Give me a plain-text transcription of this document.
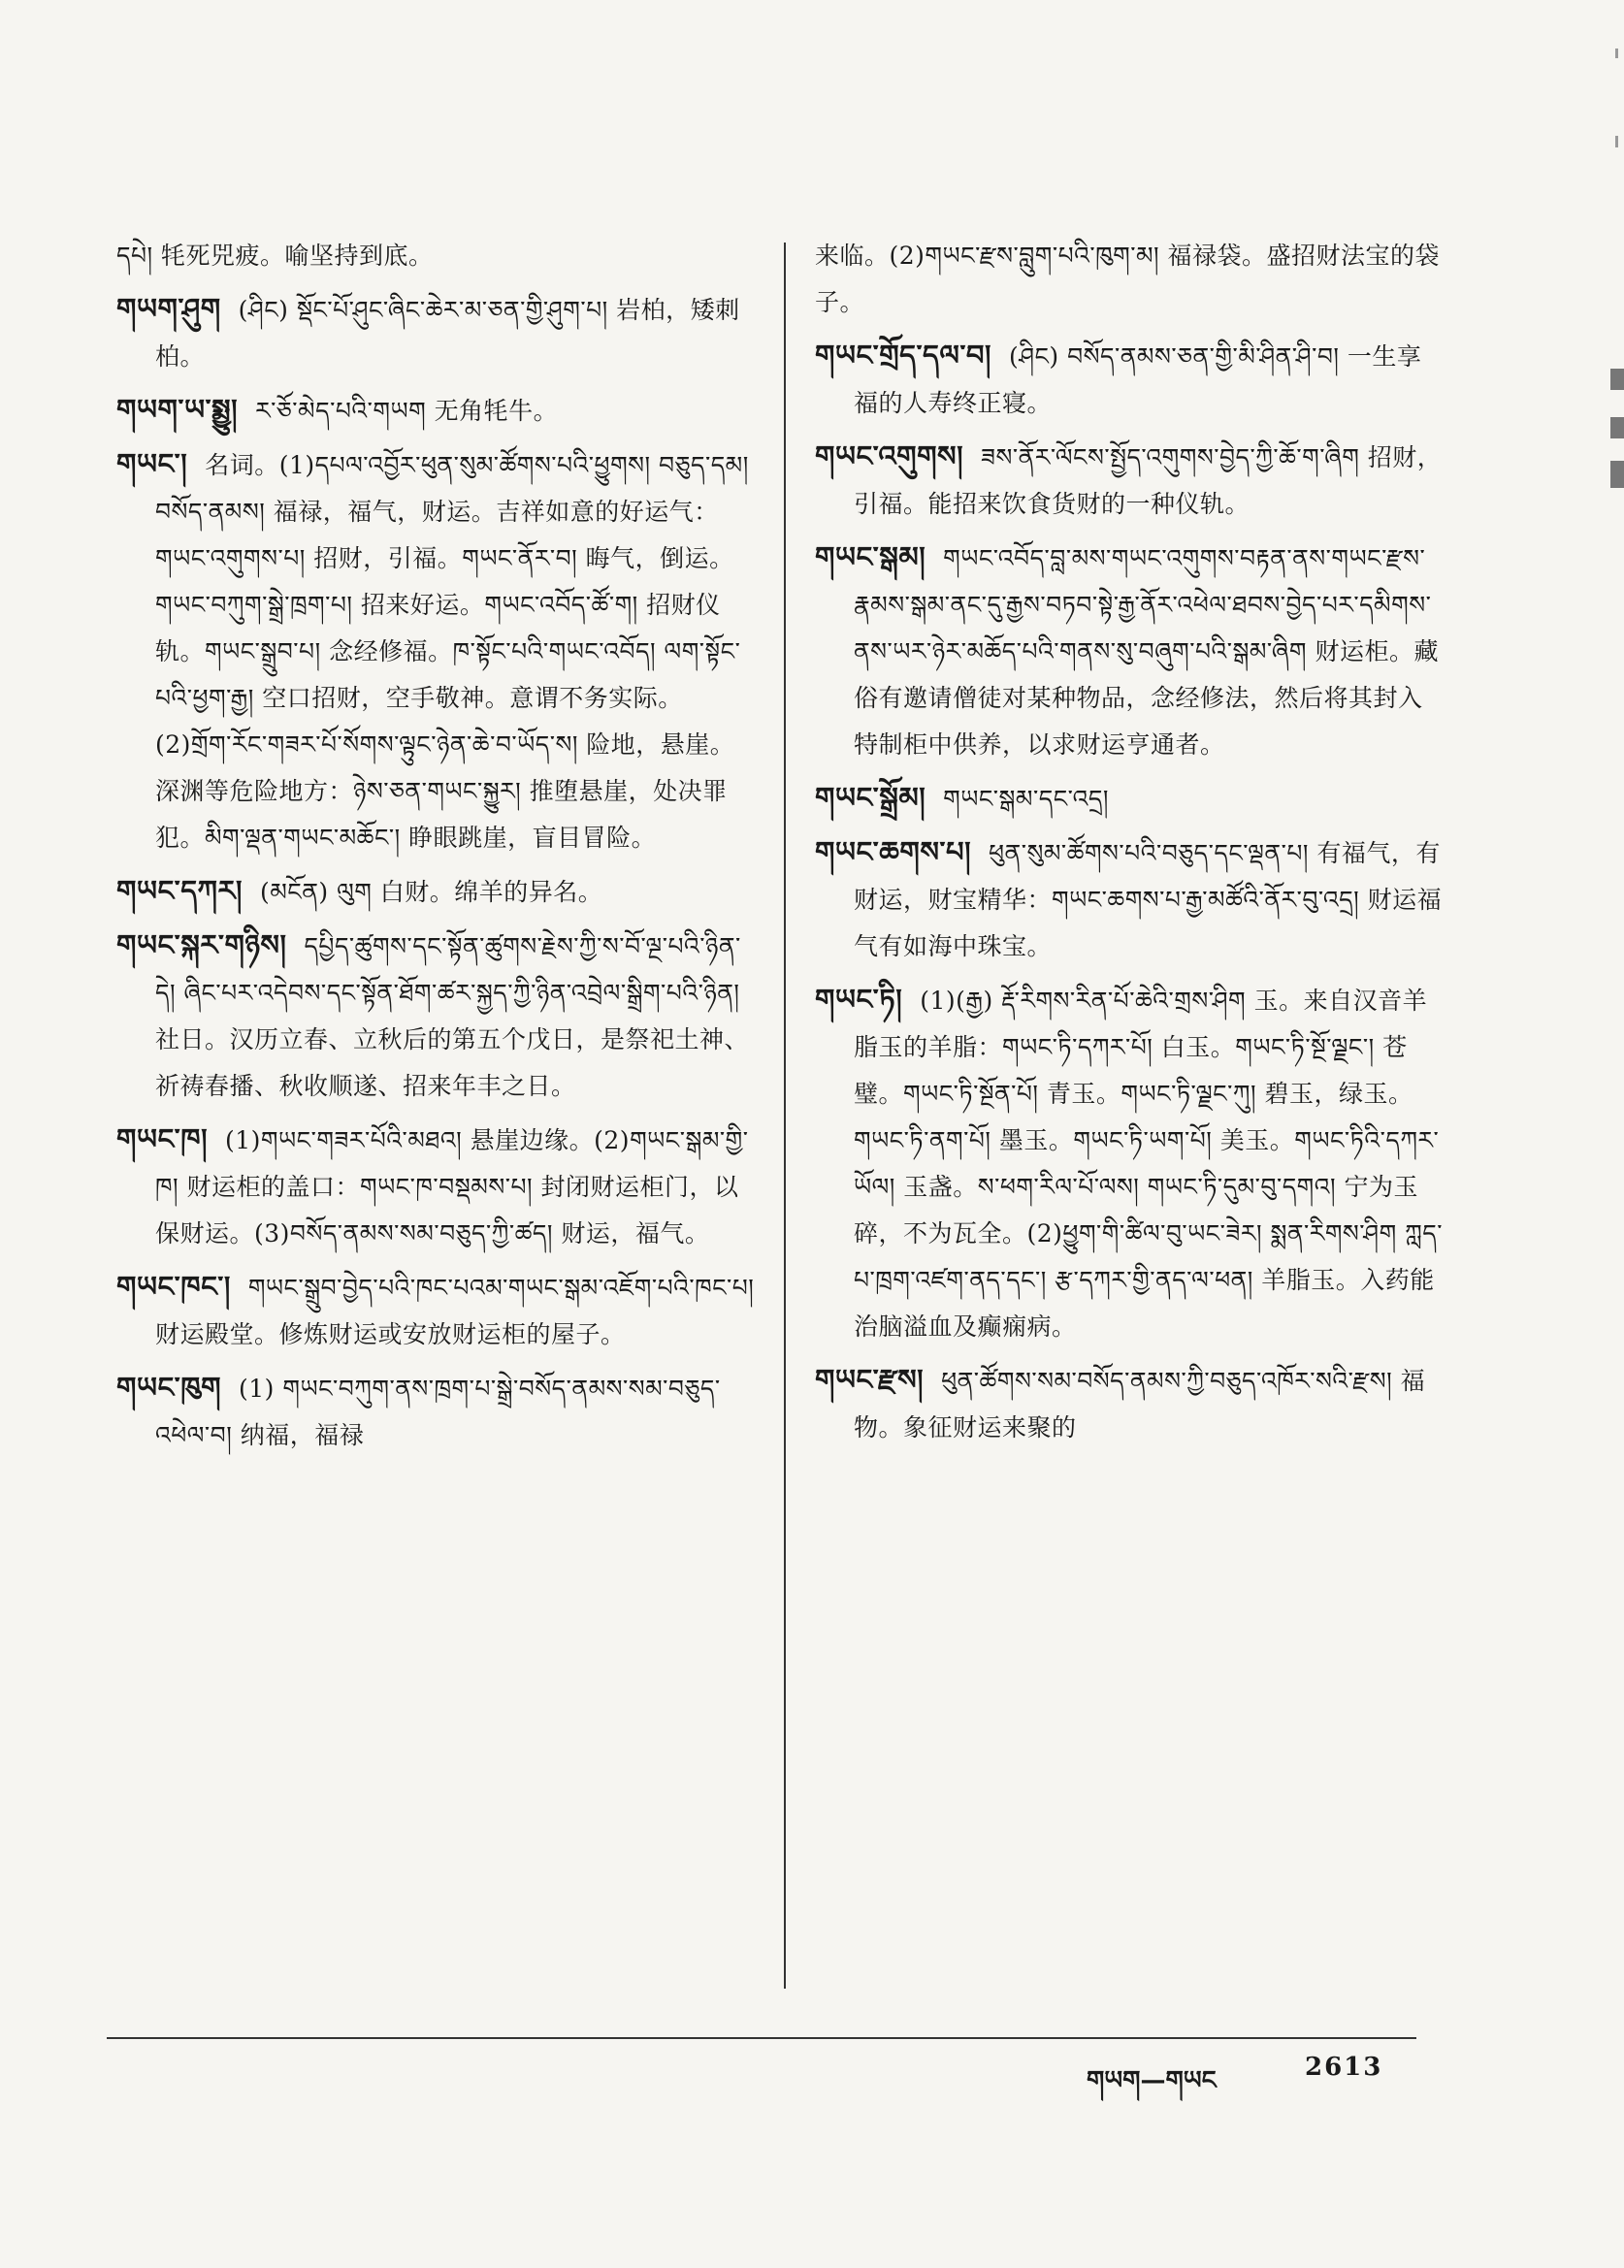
དཔེ། 牦死兕疲。喻坚持到底。

གཡག་ཤུག (ཤིང) སྡོང་པོ་ཤུང་ཞིང་ཆེར་མ་ཅན་གྱི་ཤུག་པ། 岩柏，矮刺柏。

གཡག་ཡ་སྨྱུ། ར་ཅོ་མེད་པའི་གཡག 无角牦牛。

གཡང་། 名词。(1)དཔལ་འབྱོར་ཕུན་སུམ་ཚོགས་པའི་ཕྱུགས། བཅུད་དམ། བསོད་ནམས། 福禄，福气，财运。吉祥如意的好运气：གཡང་འགུགས་པ། 招财，引福。གཡང་ནོར་བ། 晦气，倒运。གཡང་བཀུག་སྒྲེ་ཁྲག་པ། 招来好运。གཡང་འབོད་ཚོ་ག། 招财仪轨。གཡང་སྒྲུབ་པ། 念经修福。ཁ་སྟོང་པའི་གཡང་འབོད། ལག་སྟོང་པའི་ཕྱག་རྒྱ། 空口招财，空手敬神。意谓不务实际。(2)གྲོག་རོང་གཟར་པོ་སོགས་ལྟུང་ཉེན་ཆེ་བ་ཡོད་ས། 险地，悬崖。深渊等危险地方：ཉེས་ཅན་གཡང་སྐྱུར། 推堕悬崖，处决罪犯。མིག་ལྡན་གཡང་མཆོང་། 睁眼跳崖，盲目冒险。

གཡང་དཀར། (མངོན) ལུག 白财。绵羊的异名。

གཡང་སྐར་གཉིས། དཔྱིད་ཚུགས་དང་སྟོན་ཚུགས་རྗེས་ཀྱི་ས་བོ་ལྔ་པའི་ཉིན་དེ། ཞིང་པར་འདེབས་དང་སྟོན་ཐོག་ཚར་སྐྱད་ཀྱི་ཉིན་འབྲེལ་སྒྲིག་པའི་ཉིན། 社日。汉历立春、立秋后的第五个戊日，是祭祀土神、祈祷春播、秋收顺遂、招来年丰之日。

གཡང་ཁ། (1)གཡང་གཟར་པོའི་མཐའ། 悬崖边缘。(2)གཡང་སྒམ་གྱི་ཁ། 财运柜的盖口：གཡང་ཁ་བསྡམས་པ། 封闭财运柜门，以保财运。(3)བསོད་ནམས་སམ་བཅུད་ཀྱི་ཚད། 财运，福气。

གཡང་ཁང་། གཡང་སྒྲུབ་བྱེད་པའི་ཁང་པའམ་གཡང་སྒམ་འཇོག་པའི་ཁང་པ། 财运殿堂。修炼财运或安放财运柜的屋子。

གཡང་ཁུག (1) གཡང་བཀུག་ནས་ཁྲག་པ་སྒྲེ་བསོད་ནམས་སམ་བཅུད་འཕེལ་བ། 纳福，福禄

来临。(2)གཡང་རྫས་བླུག་པའི་ཁུག་མ། 福禄袋。盛招财法宝的袋子。

གཡང་གྲོད་དལ་བ། (ཤིང) བསོད་ནམས་ཅན་གྱི་མི་ཤིན་ཤི་བ། 一生享福的人寿终正寝。

གཡང་འགུགས། ཟས་ནོར་ལོངས་སྤྱོད་འགུགས་བྱེད་ཀྱི་ཆོ་ག་ཞིག 招财，引福。能招来饮食货财的一种仪轨。

གཡང་སྒམ། གཡང་འབོད་བླ་མས་གཡང་འགུགས་བརྟན་ནས་གཡང་རྫས་རྣམས་སྒམ་ནང་དུ་རྒྱས་བཏབ་སྟེ་རྒྱ་ནོར་འཕེལ་ཐབས་བྱེད་པར་དམིགས་ནས་ཡར་ཉེར་མཆོད་པའི་གནས་སུ་བཞུག་པའི་སྒམ་ཞིག 财运柜。藏俗有邀请僧徒对某种物品，念经修法，然后将其封入特制柜中供养，以求财运亨通者。

གཡང་སྒྲོམ། གཡང་སྒམ་དང་འདྲ།

གཡང་ཆགས་པ། ཕུན་སུམ་ཚོགས་པའི་བཅུད་དང་ལྡན་པ། 有福气，有财运，财宝精华：གཡང་ཆགས་པ་རྒྱ་མཚོའི་ནོར་བུ་འདྲ། 财运福气有如海中珠宝。

གཡང་ཏི། (1)(རྒྱ) རྡོ་རིགས་རིན་པོ་ཆེའི་གྲས་ཤིག 玉。来自汉音羊脂玉的羊脂：གཡང་ཏི་དཀར་པོ། 白玉。གཡང་ཏི་སྔོ་ལྗང་། 苍璧。གཡང་ཏི་སྔོན་པོ། 青玉。གཡང་ཏི་ལྗང་ཀུ། 碧玉，绿玉。གཡང་ཏི་ནག་པོ། 墨玉。གཡང་ཏི་ཡག་པོ། 美玉。གཡང་ཏིའི་དཀར་ཡོལ། 玉盏。ས་ཕག་རིལ་པོ་ལས། གཡང་ཏི་དུམ་བུ་དགའ། 宁为玉碎，不为瓦全。(2)ཕྱུག་གི་ཚིལ་བུ་ཡང་ཟེར། སྨན་རིགས་ཤིག ཀླད་པ་ཁྲག་འཛག་ནད་དང་། རྩ་དཀར་གྱི་ནད་ལ་ཕན། 羊脂玉。入药能治脑溢血及癫痫病。

གཡང་རྫས། ཕུན་ཚོགས་སམ་བསོད་ནམས་ཀྱི་བཅུད་འཁོར་སའི་རྫས། 福物。象征财运来聚的

གཡག—གཡང	2613
